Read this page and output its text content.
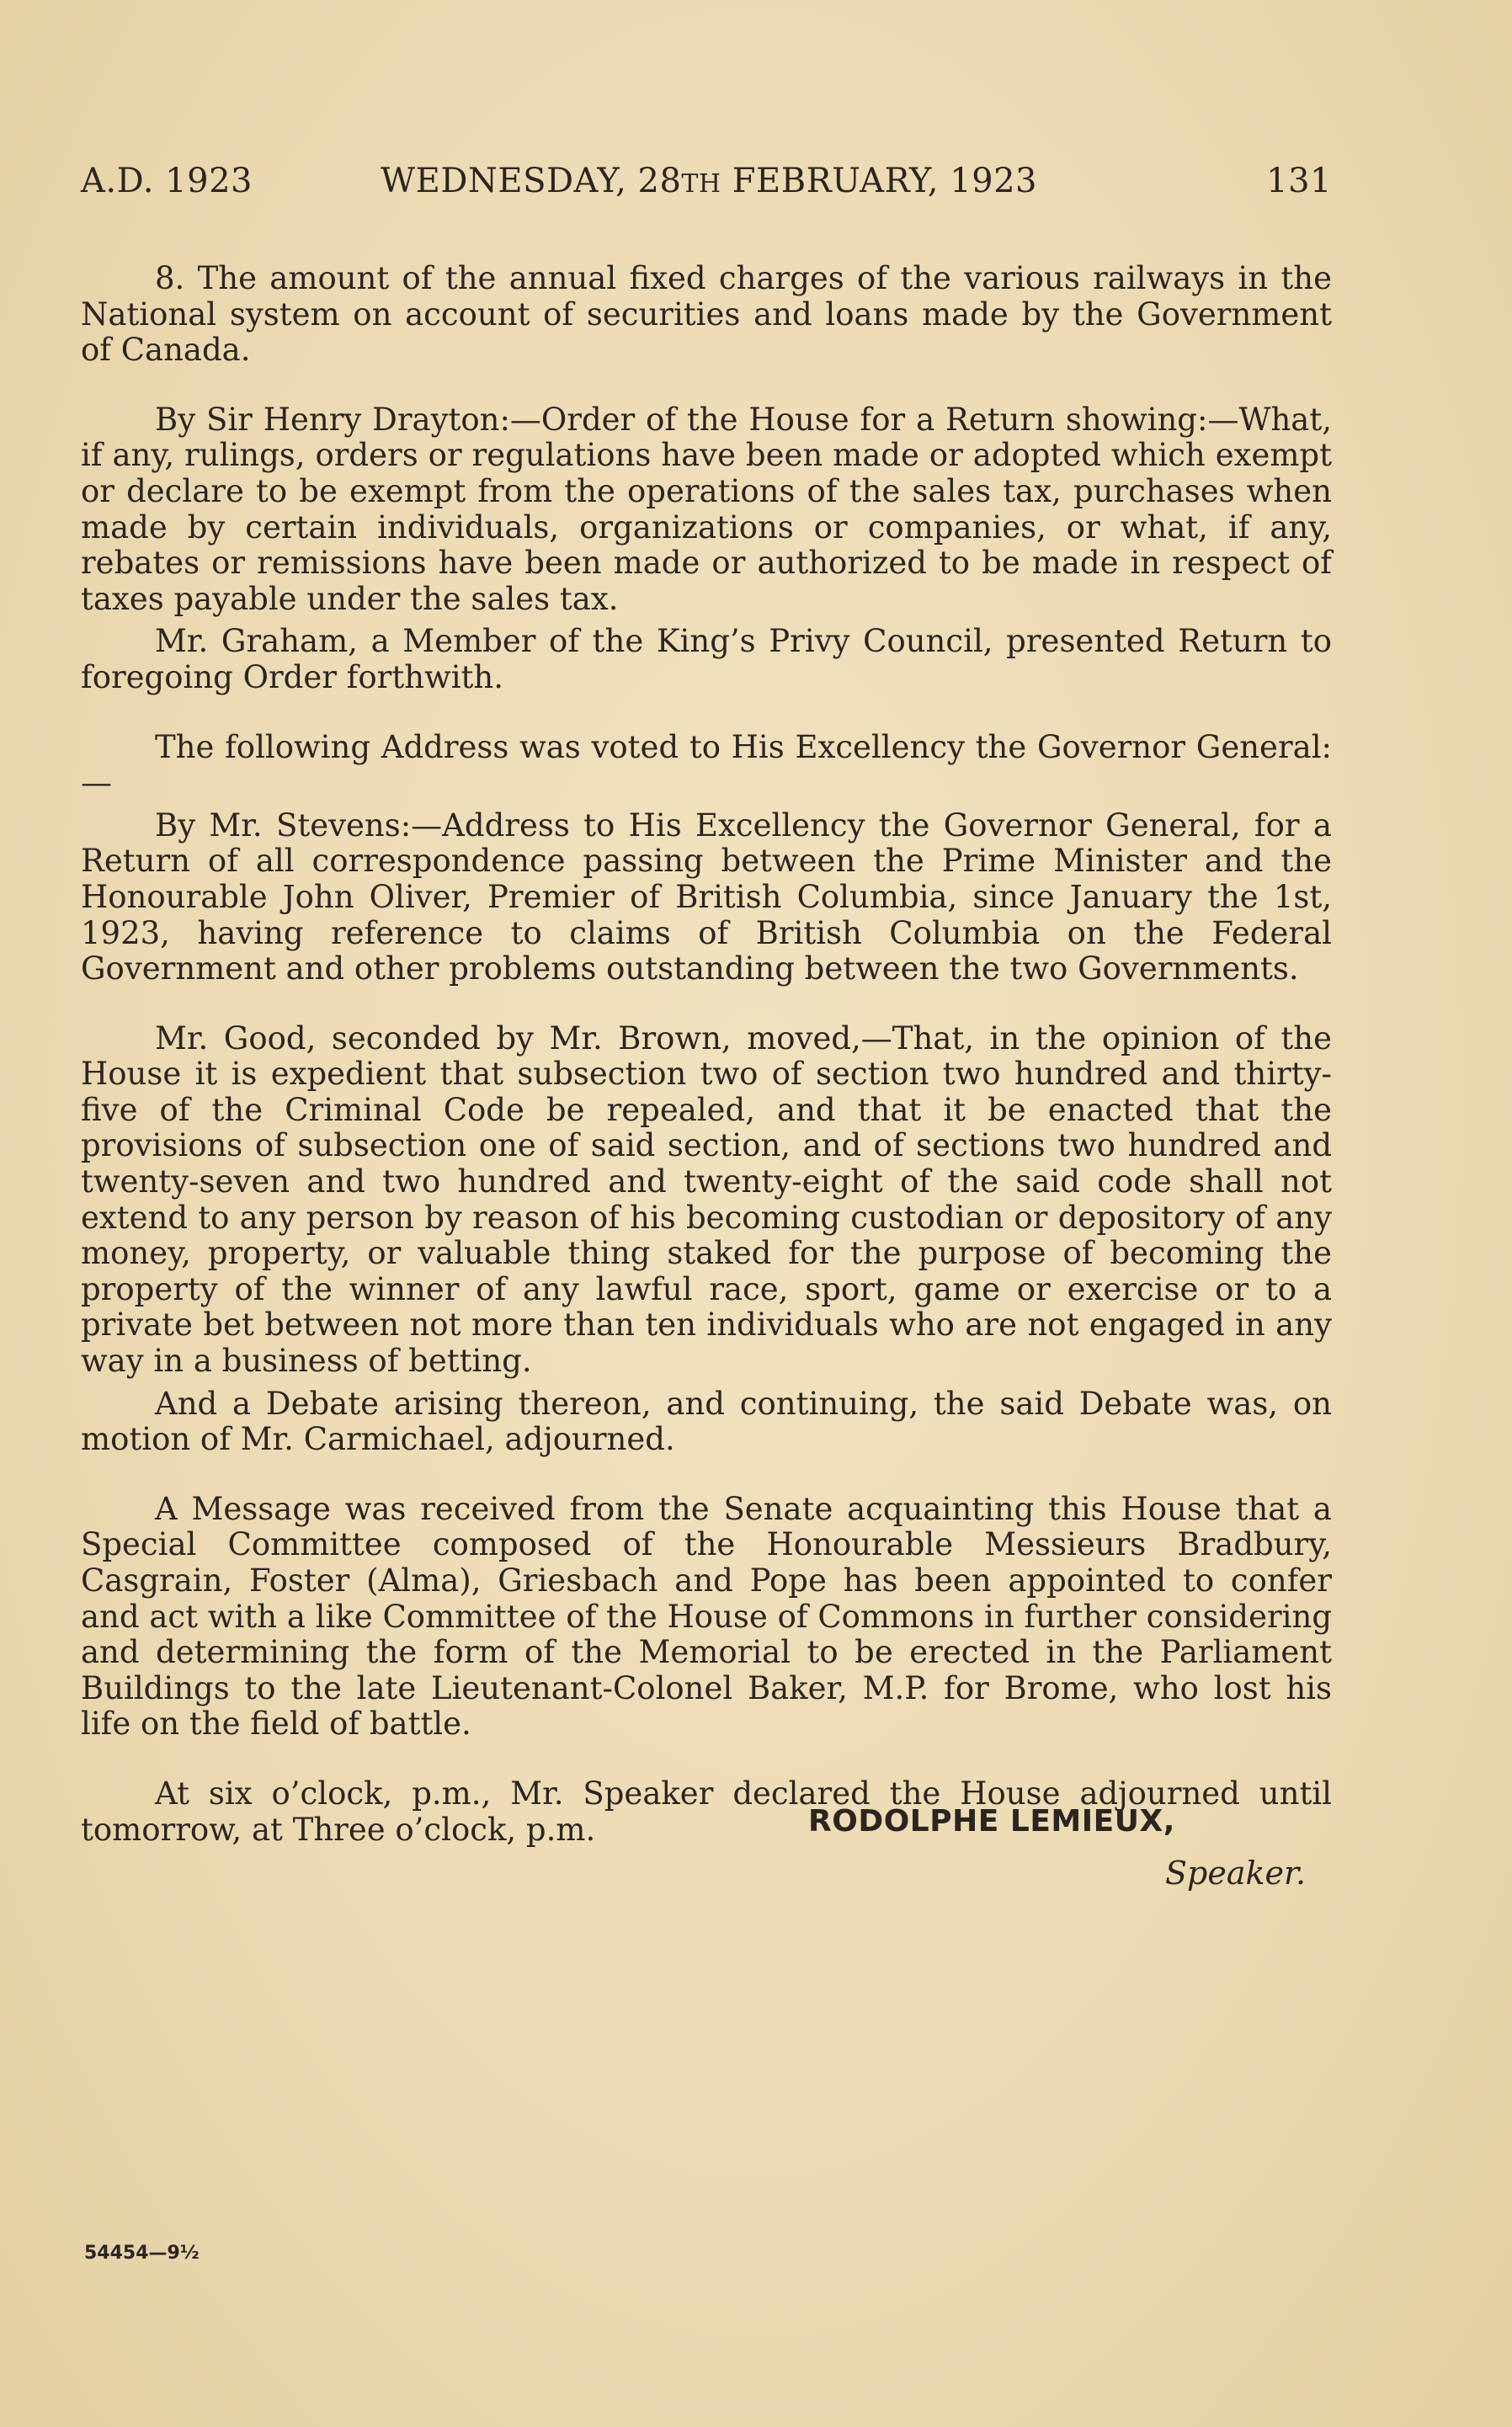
A.D. 1923	WEDNESDAY, 28TH FEBRUARY, 1923	131

8. The amount of the annual fixed charges of the various railways in the National system on account of securities and loans made by the Government of Canada.

By Sir Henry Drayton:—Order of the House for a Return showing:—What, if any, rulings, orders or regulations have been made or adopted which exempt or declare to be exempt from the operations of the sales tax, purchases when made by certain individuals, organizations or companies, or what, if any, rebates or remissions have been made or authorized to be made in respect of taxes payable under the sales tax.

Mr. Graham, a Member of the King’s Privy Council, presented Return to foregoing Order forthwith.

The following Address was voted to His Excellency the Governor General:—

By Mr. Stevens:—Address to His Excellency the Governor General, for a Return of all correspondence passing between the Prime Minister and the Honourable John Oliver, Premier of British Columbia, since January the 1st, 1923, having reference to claims of British Columbia on the Federal Government and other problems outstanding between the two Governments.

Mr. Good, seconded by Mr. Brown, moved,—That, in the opinion of the House it is expedient that subsection two of section two hundred and thirty-five of the Criminal Code be repealed, and that it be enacted that the provisions of subsection one of said section, and of sections two hundred and twenty-seven and two hundred and twenty-eight of the said code shall not extend to any person by reason of his becoming custodian or depository of any money, property, or valuable thing staked for the purpose of becoming the property of the winner of any lawful race, sport, game or exercise or to a private bet between not more than ten individuals who are not engaged in any way in a business of betting.

And a Debate arising thereon, and continuing, the said Debate was, on motion of Mr. Carmichael, adjourned.

A Message was received from the Senate acquainting this House that a Special Committee composed of the Honourable Messieurs Bradbury, Casgrain, Foster (Alma), Griesbach and Pope has been appointed to confer and act with a like Committee of the House of Commons in further considering and determining the form of the Memorial to be erected in the Parliament Buildings to the late Lieutenant-Colonel Baker, M.P. for Brome, who lost his life on the field of battle.

At six o’clock, p.m., Mr. Speaker declared the House adjourned until tomorrow, at Three o’clock, p.m.	RODOLPHE LEMIEUX,
Speaker.
54454—9½
